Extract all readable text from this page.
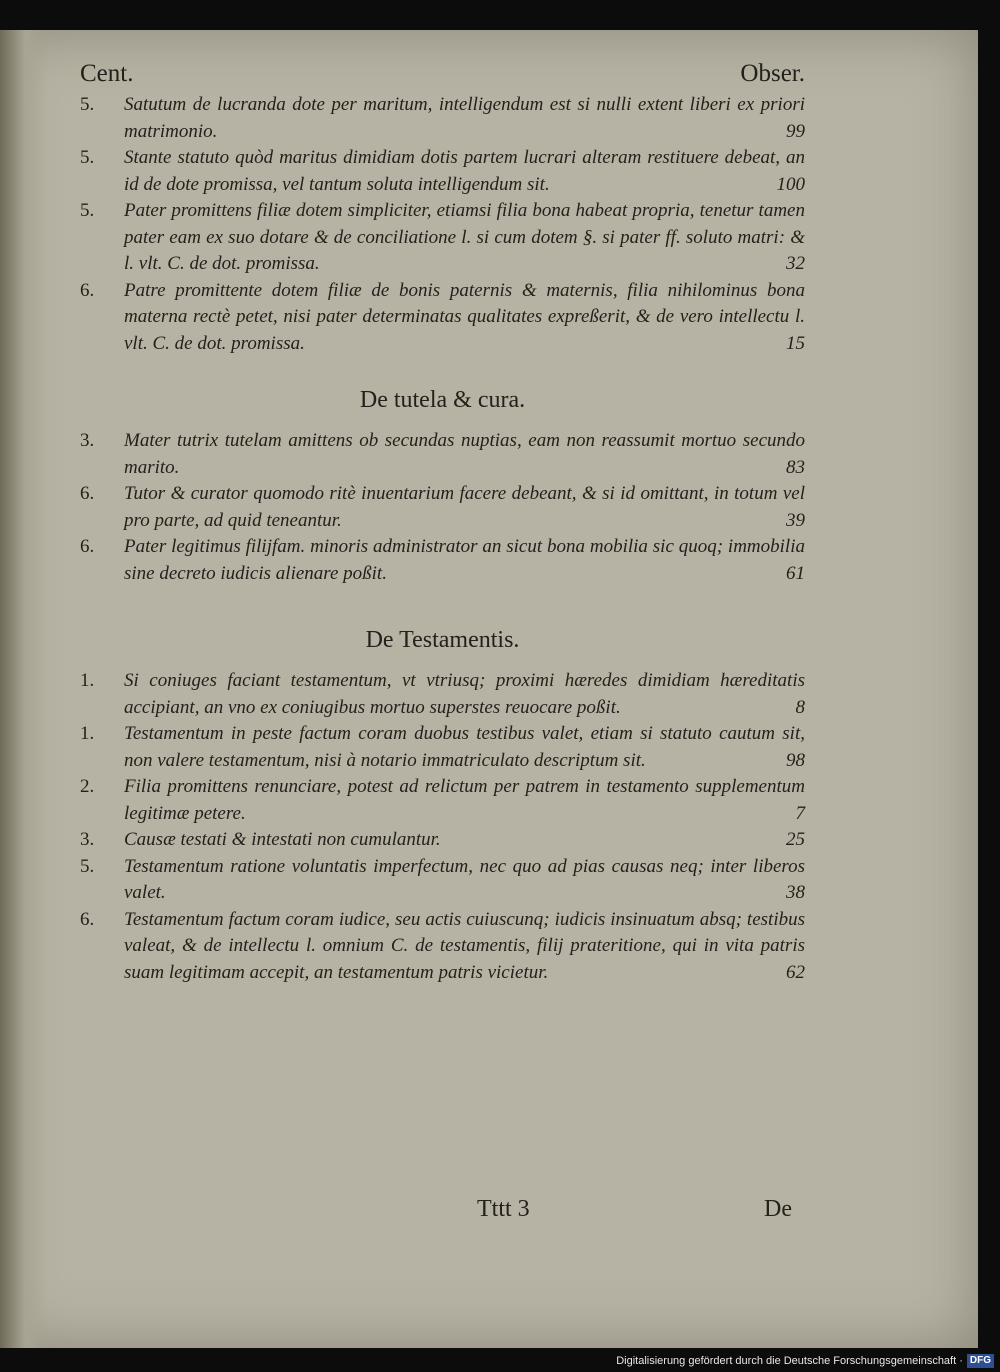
Cent.	Obser.
5.	Satutum de lucranda dote per maritum, intelligendum est si nulli extent liberi ex priori matrimonio.	99
5.	Stante statuto quòd maritus dimidiam dotis partem lucrari alteram restituere debeat, an id de dote promissa, vel tantum soluta intelligendum sit.	100
5.	Pater promittens filiæ dotem simpliciter, etiamsi filia bona habeat propria, tenetur tamen pater eam ex suo dotare & de conciliatione l. si cum dotem §. si pater ff. soluto matri: & l. vlt. C. de dot. promissa.	32
6.	Patre promittente dotem filiæ de bonis paternis & maternis, filia nihilominus bona materna rectè petet, nisi pater determinatas qualitates expreßerit, & de vero intellectu l. vlt. C. de dot. promissa.	15
De tutela & cura.
3.	Mater tutrix tutelam amittens ob secundas nuptias, eam non reassumit mortuo secundo marito.	83
6.	Tutor & curator quomodo ritè inuentarium facere debeant, & si id omittant, in totum vel pro parte, ad quid teneantur.	39
6.	Pater legitimus filijfam. minoris administrator an sicut bona mobilia sic quoq; immobilia sine decreto iudicis alienare poßit.	61
De Testamentis.
1.	Si coniuges faciant testamentum, vt vtriusq; proximi hæredes dimidiam hæreditatis accipiant, an vno ex coniugibus mortuo superstes reuocare poßit.	8
1.	Testamentum in peste factum coram duobus testibus valet, etiam si statuto cautum sit, non valere testamentum, nisi à notario immatriculato descriptum sit.	98
2.	Filia promittens renunciare, potest ad relictum per patrem in testamento supplementum legitimæ petere.	7
3.	Causæ testati & intestati non cumulantur.	25
5.	Testamentum ratione voluntatis imperfectum, nec quo ad pias causas neq; inter liberos valet.	38
6.	Testamentum factum coram iudice, seu actis cuiuscunq; iudicis insinuatum absq; testibus valeat, & de intellectu l. omnium C. de testamentis, filij prateritione, qui in vita patris suam legitimam accepit, an testamentum patris vicietur.	62
Tttt 3	De
Digitalisierung gefördert durch die Deutsche Forschungsgemeinschaft · DFG
